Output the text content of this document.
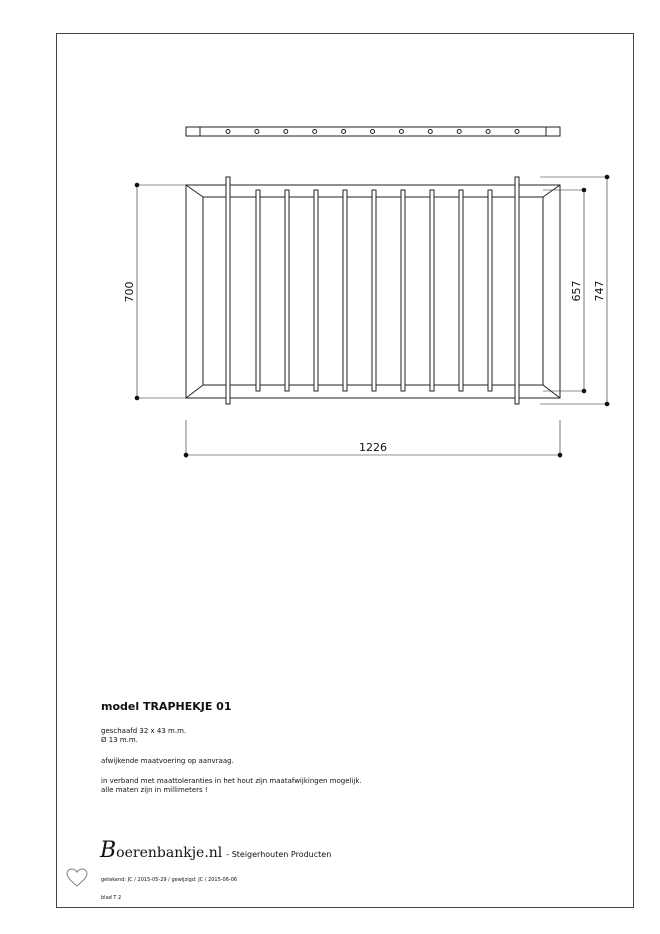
700
1226
657 747
model TRAPHEKJE 01

geschaafd 32 x 43 m.m.

Ø 13 m.m.

afwijkende maatvoering op aanvraag.

in verband met maattoleranties in het hout zijn maatafwijkingen mogelijk.

alle maten zijn in millimeters !

B oerenbankje.nl - Steigerhouten Producten
getekend: JC / 2015-05-29 / gewijzigd: JC / 2015-06-06
blad T 2
